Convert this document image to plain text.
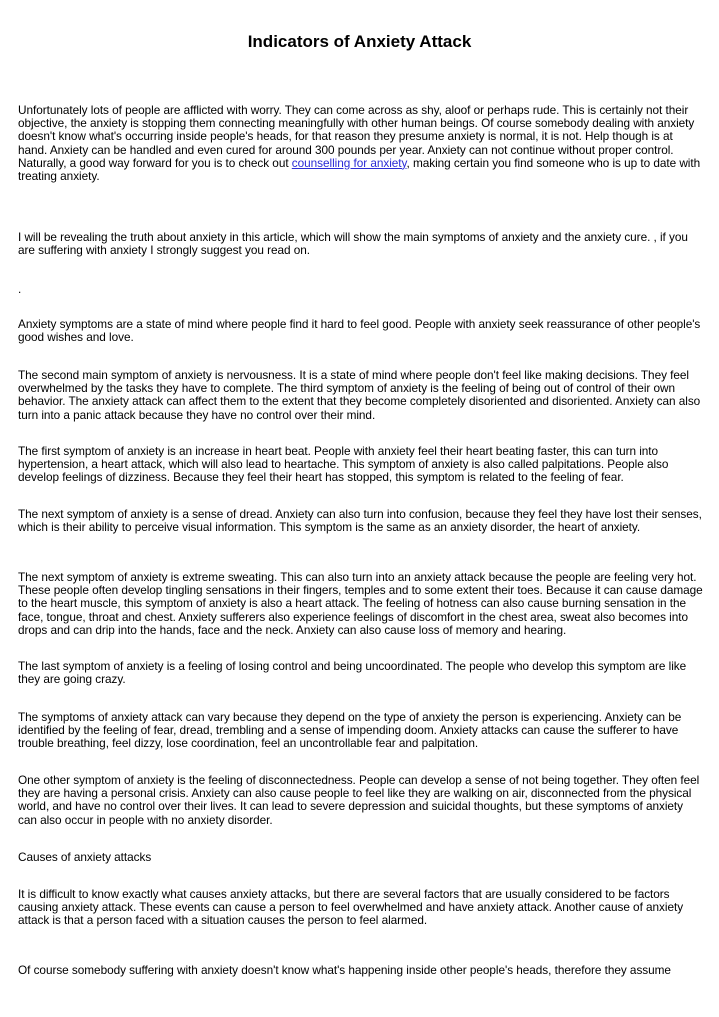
Indicators of Anxiety Attack

Unfortunately lots of people are afflicted with worry. They can come across as shy, aloof or perhaps rude. This is certainly not their objective, the anxiety is stopping them connecting meaningfully with other human beings. Of course somebody dealing with anxiety doesn't know what's occurring inside people's heads, for that reason they presume anxiety is normal, it is not. Help though is at hand. Anxiety can be handled and even cured for around 300 pounds per year. Anxiety can not continue without proper control. Naturally, a good way forward for you is to check out counselling for anxiety, making certain you find someone who is up to date with treating anxiety.

I will be revealing the truth about anxiety in this article, which will show the main symptoms of anxiety and the anxiety cure. , if you are suffering with anxiety I strongly suggest you read on.

.

Anxiety symptoms are a state of mind where people find it hard to feel good. People with anxiety seek reassurance of other people's good wishes and love.

The second main symptom of anxiety is nervousness. It is a state of mind where people don't feel like making decisions. They feel overwhelmed by the tasks they have to complete. The third symptom of anxiety is the feeling of being out of control of their own behavior. The anxiety attack can affect them to the extent that they become completely disoriented and disoriented. Anxiety can also turn into a panic attack because they have no control over their mind.

The first symptom of anxiety is an increase in heart beat. People with anxiety feel their heart beating faster, this can turn into hypertension, a heart attack, which will also lead to heartache. This symptom of anxiety is also called palpitations. People also develop feelings of dizziness. Because they feel their heart has stopped, this symptom is related to the feeling of fear.

The next symptom of anxiety is a sense of dread. Anxiety can also turn into confusion, because they feel they have lost their senses, which is their ability to perceive visual information. This symptom is the same as an anxiety disorder, the heart of anxiety.

The next symptom of anxiety is extreme sweating. This can also turn into an anxiety attack because the people are feeling very hot. These people often develop tingling sensations in their fingers, temples and to some extent their toes. Because it can cause damage to the heart muscle, this symptom of anxiety is also a heart attack. The feeling of hotness can also cause burning sensation in the face, tongue, throat and chest. Anxiety sufferers also experience feelings of discomfort in the chest area, sweat also becomes into drops and can drip into the hands, face and the neck. Anxiety can also cause loss of memory and hearing.

The last symptom of anxiety is a feeling of losing control and being uncoordinated. The people who develop this symptom are like they are going crazy.

The symptoms of anxiety attack can vary because they depend on the type of anxiety the person is experiencing. Anxiety can be identified by the feeling of fear, dread, trembling and a sense of impending doom. Anxiety attacks can cause the sufferer to have trouble breathing, feel dizzy, lose coordination, feel an uncontrollable fear and palpitation.

One other symptom of anxiety is the feeling of disconnectedness. People can develop a sense of not being together. They often feel they are having a personal crisis. Anxiety can also cause people to feel like they are walking on air, disconnected from the physical world, and have no control over their lives. It can lead to severe depression and suicidal thoughts, but these symptoms of anxiety can also occur in people with no anxiety disorder.

Causes of anxiety attacks

It is difficult to know exactly what causes anxiety attacks, but there are several factors that are usually considered to be factors causing anxiety attack. These events can cause a person to feel overwhelmed and have anxiety attack. Another cause of anxiety attack is that a person faced with a situation causes the person to feel alarmed.

Of course somebody suffering with anxiety doesn't know what's happening inside other people's heads, therefore they assume
